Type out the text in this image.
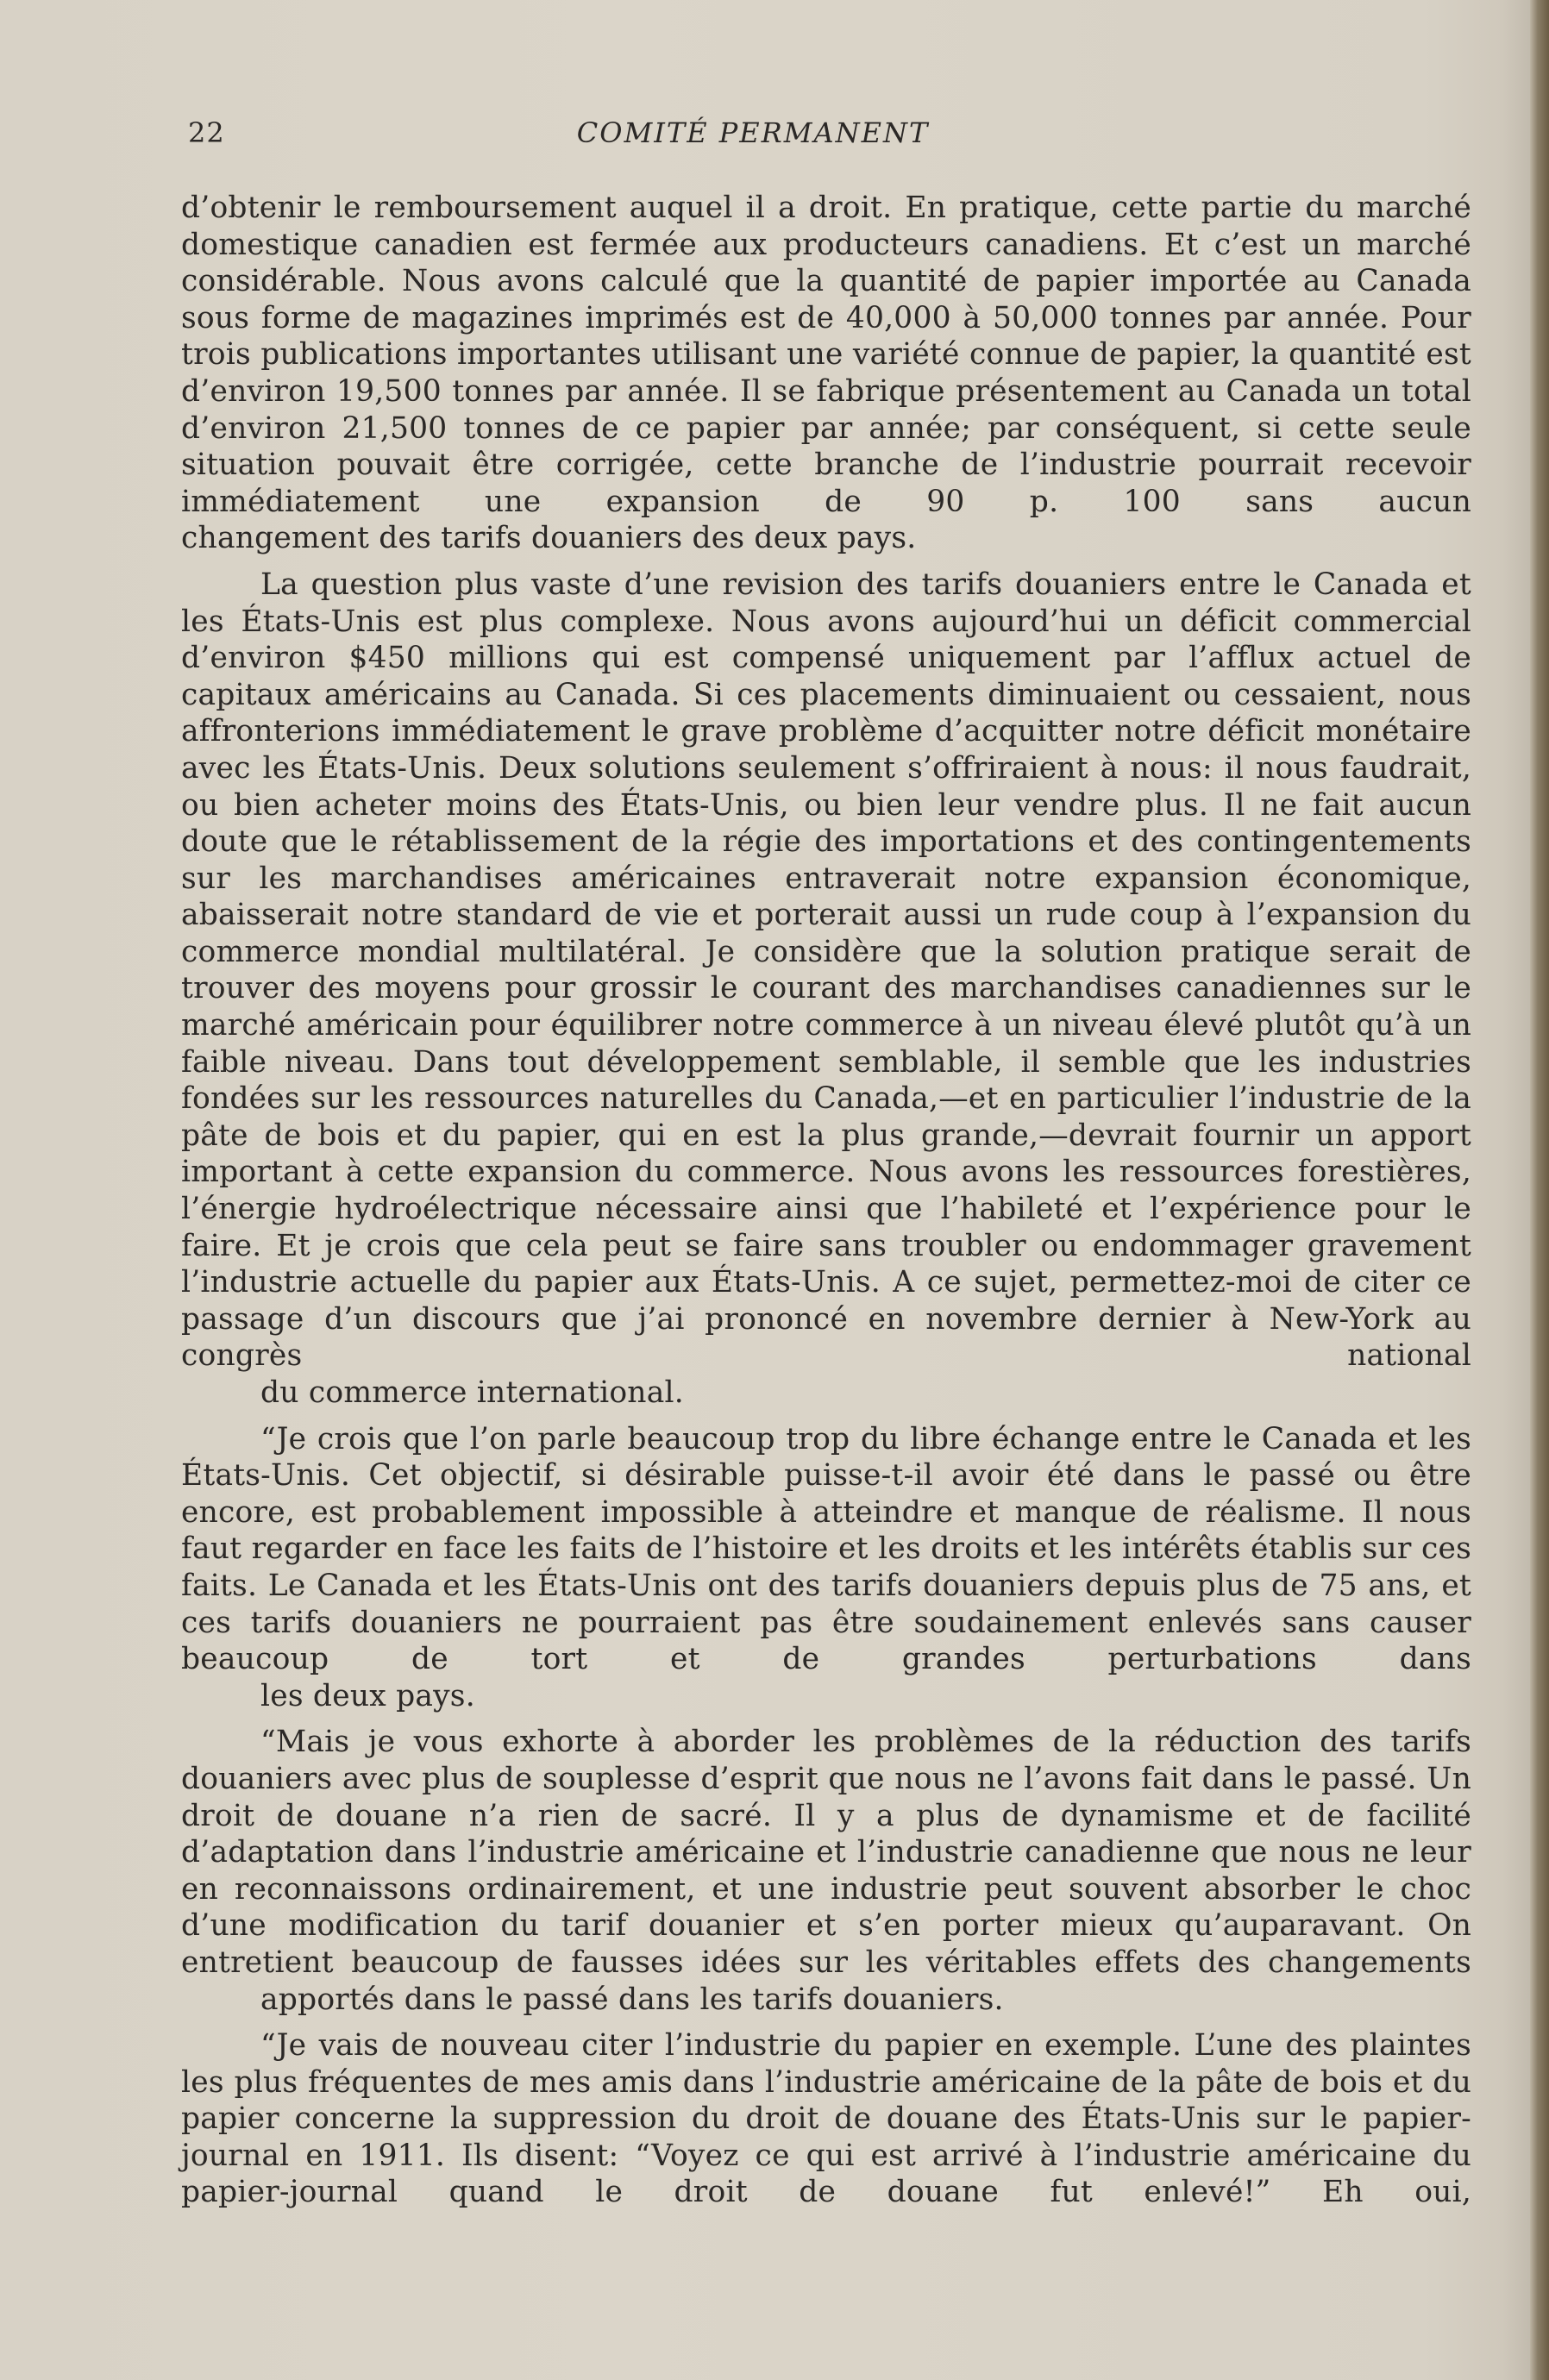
22	COMITÉ PERMANENT

d’obtenir le remboursement auquel il a droit. En pratique, cette partie du marché domestique canadien est fermée aux producteurs canadiens. Et c’est un marché considérable. Nous avons calculé que la quantité de papier importée au Canada sous forme de magazines imprimés est de 40,000 à 50,000 tonnes par année. Pour trois publications importantes utilisant une variété connue de papier, la quantité est d’environ 19,500 tonnes par année. Il se fabrique présentement au Canada un total d’environ 21,500 tonnes de ce papier par année; par conséquent, si cette seule situation pouvait être corrigée, cette branche de l’industrie pourrait recevoir immédiatement une expansion de 90 p. 100 sans aucun
changement des tarifs douaniers des deux pays.

La question plus vaste d’une revision des tarifs douaniers entre le Canada et les États-Unis est plus complexe. Nous avons aujourd’hui un déficit commercial d’environ $450 millions qui est compensé uniquement par l’afflux actuel de capitaux américains au Canada. Si ces placements diminuaient ou cessaient, nous affronterions immédiatement le grave problème d’acquitter notre déficit monétaire avec les États-Unis. Deux solutions seulement s’offriraient à nous: il nous faudrait, ou bien acheter moins des États-Unis, ou bien leur vendre plus. Il ne fait aucun doute que le rétablissement de la régie des importations et des contingentements sur les marchandises américaines entraverait notre expansion économique, abaisserait notre standard de vie et porterait aussi un rude coup à l’expansion du commerce mondial multilatéral. Je considère que la solution pratique serait de trouver des moyens pour grossir le courant des marchandises canadiennes sur le marché américain pour équilibrer notre commerce à un niveau élevé plutôt qu’à un faible niveau. Dans tout développement semblable, il semble que les industries fondées sur les ressources naturelles du Canada,—et en particulier l’industrie de la pâte de bois et du papier, qui en est la plus grande,—devrait fournir un apport important à cette expansion du commerce. Nous avons les ressources forestières, l’énergie hydroélectrique nécessaire ainsi que l’habileté et l’expérience pour le faire. Et je crois que cela peut se faire sans troubler ou endommager gravement l’industrie actuelle du papier aux États-Unis. A ce sujet, permettez-moi de citer ce passage d’un discours que j’ai prononcé en novembre dernier à New-York au congrès national
du commerce international.

“Je crois que l’on parle beaucoup trop du libre échange entre le Canada et les États-Unis. Cet objectif, si désirable puisse-t-il avoir été dans le passé ou être encore, est probablement impossible à atteindre et manque de réalisme. Il nous faut regarder en face les faits de l’histoire et les droits et les intérêts établis sur ces faits. Le Canada et les États-Unis ont des tarifs douaniers depuis plus de 75 ans, et ces tarifs douaniers ne pourraient pas être soudainement enlevés sans causer beaucoup de tort et de grandes perturbations dans
les deux pays.

“Mais je vous exhorte à aborder les problèmes de la réduction des tarifs douaniers avec plus de souplesse d’esprit que nous ne l’avons fait dans le passé. Un droit de douane n’a rien de sacré. Il y a plus de dynamisme et de facilité d’adaptation dans l’industrie américaine et l’industrie canadienne que nous ne leur en reconnaissons ordinairement, et une industrie peut souvent absorber le choc d’une modification du tarif douanier et s’en porter mieux qu’auparavant. On entretient beaucoup de fausses idées sur les véritables effets des changements
apportés dans le passé dans les tarifs douaniers.

“Je vais de nouveau citer l’industrie du papier en exemple. L’une des plaintes les plus fréquentes de mes amis dans l’industrie américaine de la pâte de bois et du papier concerne la suppression du droit de douane des États-Unis sur le papier-journal en 1911. Ils disent: “Voyez ce qui est arrivé à l’industrie américaine du papier-journal quand le droit de douane fut enlevé!” Eh oui,
